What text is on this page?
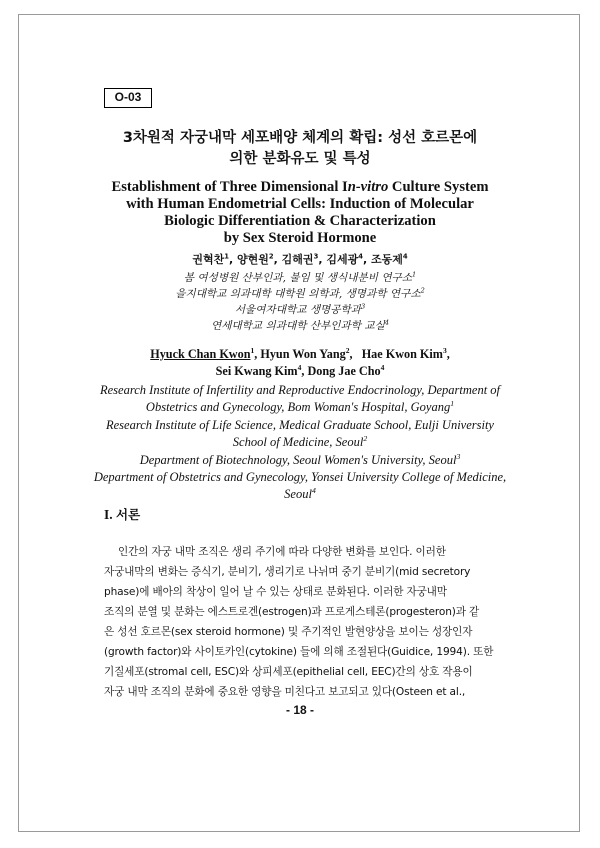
O-03
3차원적 자궁내막 세포배양 체계의 확립: 성선 호르몬에
의한 분화유도 및 특성
Establishment of Three Dimensional In-vitro Culture System
with Human Endometrial Cells: Induction of Molecular
Biologic Differentiation & Characterization
by Sex Steroid Hormone
권혁찬$^1$, 양현원$^2$, 김해권$^3$, 김세광$^4$, 조동제$^4$
봄 여성병원 산부인과, 불임 및 생식내분비 연구소$^1$
을지대학교 의과대학 대학원 의학과, 생명과학 연구소$^2$
서울여자대학교 생명공학과$^3$
연세대학교 의과대학 산부인과학 교실$^4$
Hyuck Chan Kwon$^1$, Hyun Won Yang$^2$,   Hae Kwon Kim$^3$,
Sei Kwang Kim$^4$, Dong Jae Cho$^4$
Research Institute of Infertility and Reproductive Endocrinology, Department of
Obstetrics and Gynecology, Bom Woman's Hospital, Goyang$^1$
Research Institute of Life Science, Medical Graduate School, Eulji University
School of Medicine, Seoul$^2$
Department of Biotechnology, Seoul Women's University, Seoul$^3$
Department of Obstetrics and Gynecology, Yonsei University College of Medicine,
Seoul$^4$
I. 서론
인간의 자궁 내막 조직은 생리 주기에 따라 다양한 변화를 보인다. 이러한
자궁내막의 변화는 증식기, 분비기, 생리기로 나뉘며 중기 분비기(mid secretory
phase)에 배아의 착상이 일어 날 수 있는 상태로 분화된다. 이러한 자궁내막
조직의 분열 및 분화는 에스트로겐(estrogen)과 프로게스테론(progesteron)과 같
은 성선 호르몬(sex steroid hormone) 및 주기적인 발현양상을 보이는 성장인자
(growth factor)와 사이토카인(cytokine) 들에 의해 조절된다(Guidice, 1994). 또한
기질세포(stromal cell, ESC)와 상피세포(epithelial cell, EEC)간의 상호 작용이
자궁 내막 조직의 분화에 중요한 영향을 미친다고 보고되고 있다(Osteen et al.,
- 18 -
